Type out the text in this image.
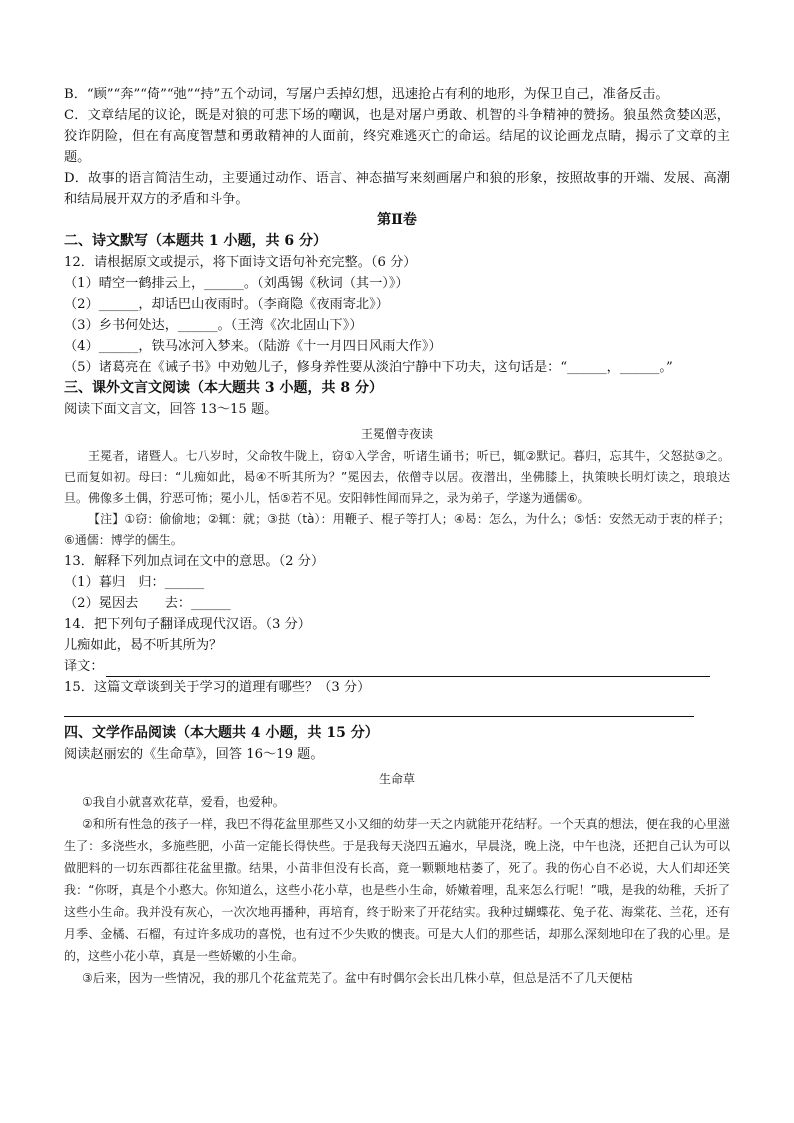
B．“顾”“奔”“倚”“弛”“持”五个动词，写屠户丢掉幻想，迅速抢占有利的地形，为保卫自己，准备反击。

C．文章结尾的议论，既是对狼的可悲下场的嘲讽，也是对屠户勇敢、机智的斗争精神的赞扬。狼虽然贪婪凶恶，狡诈阴险，但在有高度智慧和勇敢精神的人面前，终究难逃灭亡的命运。结尾的议论画龙点睛，揭示了文章的主题。

D．故事的语言简洁生动，主要通过动作、语言、神态描写来刻画屠户和狼的形象，按照故事的开端、发展、高潮和结局展开双方的矛盾和斗争。

第Ⅱ卷

二、诗文默写（本题共 1 小题，共 6 分）

12．请根据原文或提示，将下面诗文语句补充完整。（6 分）

（1）晴空一鹤排云上，______。（刘禹锡《秋词（其一）》）

（2）______，却话巴山夜雨时。（李商隐《夜雨寄北》）

（3）乡书何处达，______。（王湾《次北固山下》）

（4）______，铁马冰河入梦来。（陆游《十一月四日风雨大作》）

（5）诸葛亮在《诫子书》中劝勉儿子，修身养性要从淡泊宁静中下功夫，这句话是：“______，______。”

三、课外文言文阅读（本大题共 3 小题，共 8 分）

阅读下面文言文，回答 13～15 题。

王冕僧寺夜读

王冕者，诸暨人。七八岁时，父命牧牛陇上，窃①入学舍，听诸生诵书；听已，辄②默记。暮归，忘其牛，父怒挞③之。已而复如初。母曰：“儿痴如此，曷④不听其所为？”冕因去，依僧寺以居。夜潜出，坐佛膝上，执策映长明灯读之，琅琅达旦。佛像多土偶，狞恶可怖；冕小儿，恬⑤若不见。安阳韩性闻而异之，录为弟子，学遂为通儒⑥。

【注】①窃：偷偷地；②辄：就；③挞（tà）：用鞭子、棍子等打人；④曷：怎么，为什么；⑤恬：安然无动于衷的样子；⑥通儒：博学的儒生。

13．解释下列加点词在文中的意思。（2 分）

（1）暮归　归：______

（2）冕因去　　去：______

14．把下列句子翻译成现代汉语。（3 分）

儿痴如此，曷不听其所为？

译文：

15．这篇文章谈到关于学习的道理有哪些？（3 分）

四、文学作品阅读（本大题共 4 小题，共 15 分）

阅读赵丽宏的《生命草》，回答 16～19 题。

生命草

①我自小就喜欢花草，爱看，也爱种。

②和所有性急的孩子一样，我巴不得花盆里那些又小又细的幼芽一天之内就能开花结籽。一个天真的想法，便在我的心里滋生了：多浇些水，多施些肥，小苗一定能长得快些。于是我每天浇四五遍水，早晨浇，晚上浇，中午也浇，还把自己认为可以做肥料的一切东西都往花盆里撒。结果，小苗非但没有长高，竟一颗颗地枯萎了，死了。我的伤心自不必说，大人们却还笑我：“你呀，真是个小憨大。你知道么，这些小花小草，也是些小生命，娇嫩着哩，乱来怎么行呢！”哦，是我的幼稚，夭折了这些小生命。我并没有灰心，一次次地再播种，再培育，终于盼来了开花结实。我种过蝴蝶花、兔子花、海棠花、兰花，还有月季、金橘、石榴，有过许多成功的喜悦，也有过不少失败的懊丧。可是大人们的那些话，却那么深刻地印在了我的心里。是的，这些小花小草，真是一些娇嫩的小生命。

③后来，因为一些情况，我的那几个花盆荒芜了。盆中有时偶尔会长出几株小草，但总是活不了几天便枯
